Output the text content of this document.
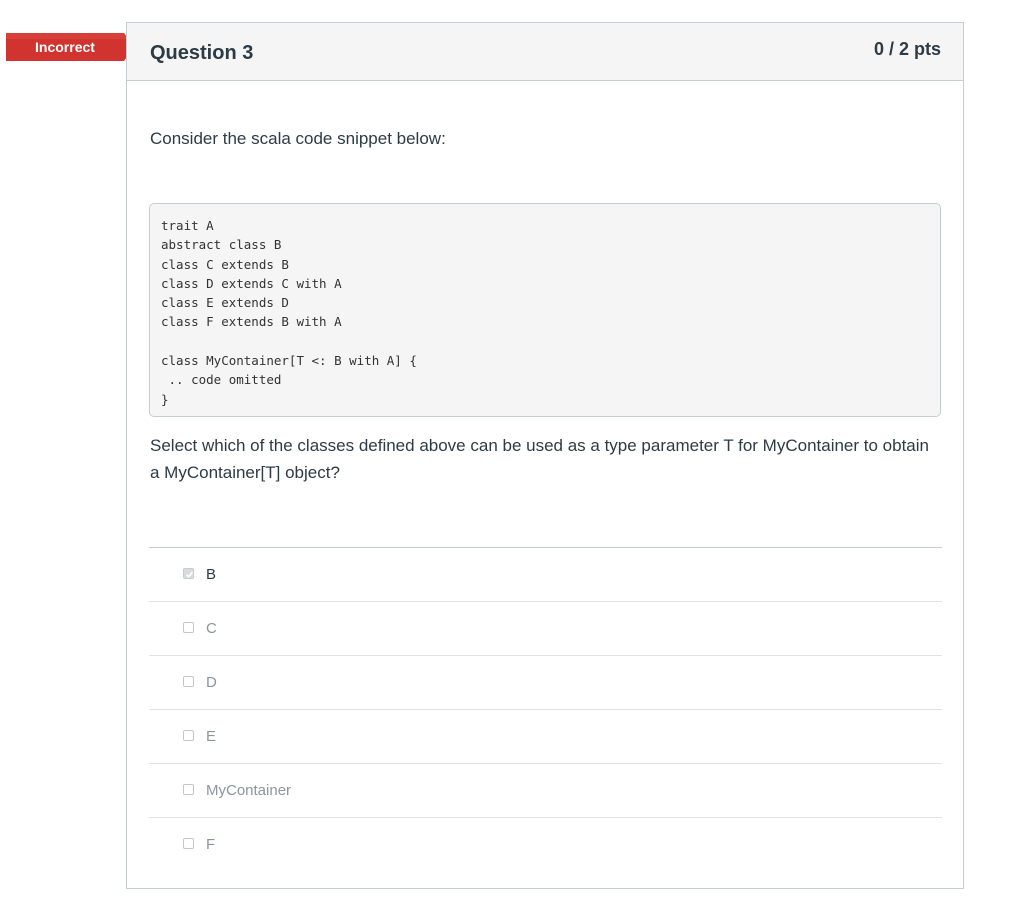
Incorrect	Question 3	0 / 2 pts
Consider the scala code snippet below:
trait A
abstract class B
class C extends B
class D extends C with A
class E extends D
class F extends B with A

class MyContainer[T <: B with A] {
.. code omitted
}
Select which of the classes defined above can be used as a type parameter T for MyContainer to obtain a MyContainer[T] object?
B
C
D
E
MyContainer
F
